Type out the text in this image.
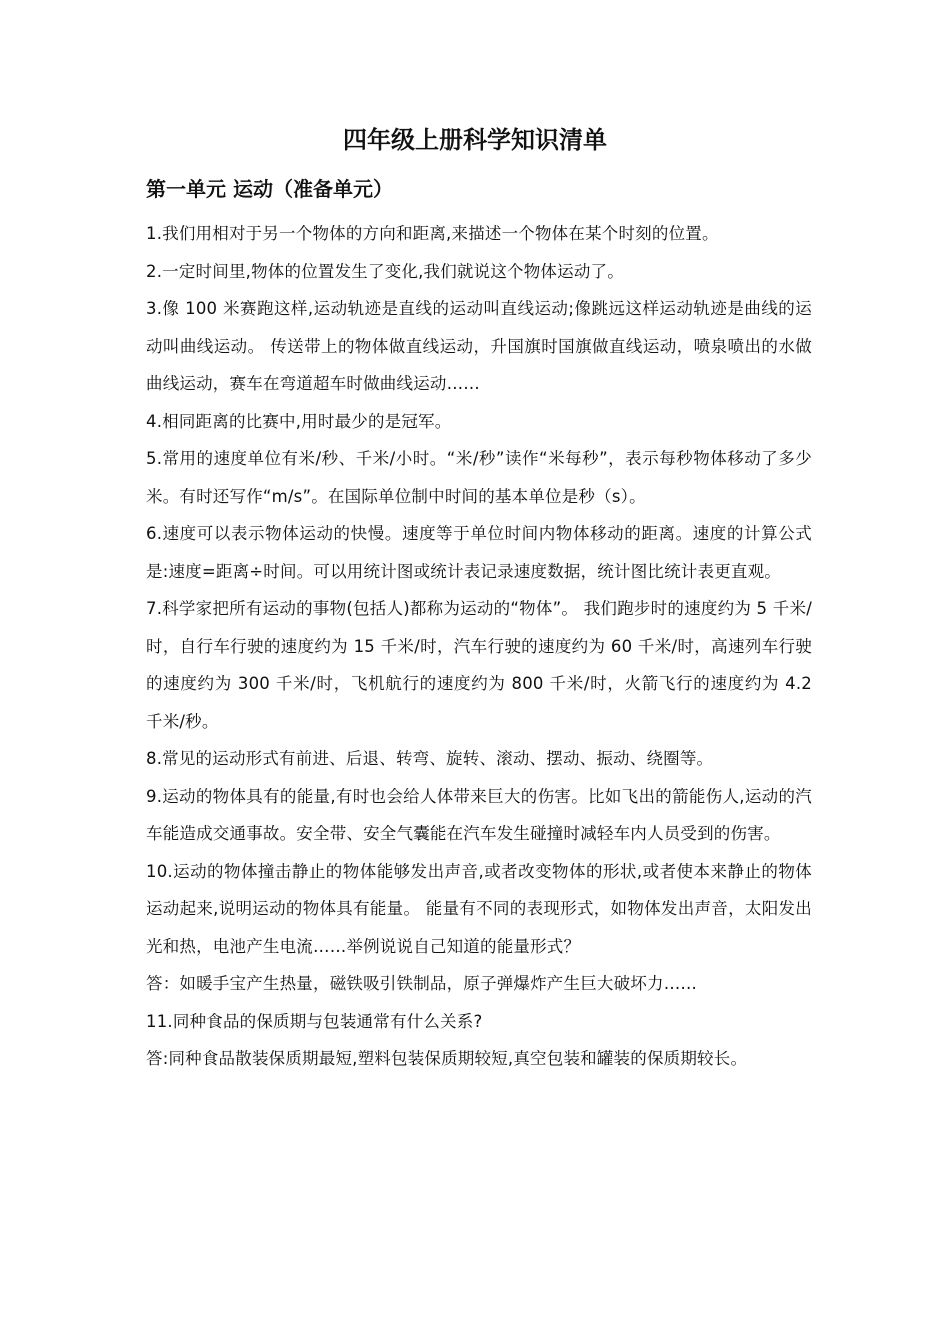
四年级上册科学知识清单
第一单元 运动（准备单元）

1.我们用相对于另一个物体的方向和距离,来描述一个物体在某个时刻的位置。

2.一定时间里,物体的位置发生了变化,我们就说这个物体运动了。

3.像 100 米赛跑这样,运动轨迹是直线的运动叫直线运动;像跳远这样运动轨迹是曲线的运动叫曲线运动。 传送带上的物体做直线运动，升国旗时国旗做直线运动，喷泉喷出的水做曲线运动，赛车在弯道超车时做曲线运动……

4.相同距离的比赛中,用时最少的是冠军。

5.常用的速度单位有米/秒、千米/小时。“米/秒”读作“米每秒”，表示每秒物体移动了多少米。有时还写作“m/s”。在国际单位制中时间的基本单位是秒（s）。

6.速度可以表示物体运动的快慢。速度等于单位时间内物体移动的距离。速度的计算公式是:速度=距离÷时间。可以用统计图或统计表记录速度数据，统计图比统计表更直观。

7.科学家把所有运动的事物(包括人)都称为运动的“物体”。 我们跑步时的速度约为 5 千米/时，自行车行驶的速度约为 15 千米/时，汽车行驶的速度约为 60 千米/时，高速列车行驶的速度约为 300 千米/时，飞机航行的速度约为 800 千米/时，火箭飞行的速度约为 4.2 千米/秒。

8.常见的运动形式有前进、后退、转弯、旋转、滚动、摆动、振动、绕圈等。

9.运动的物体具有的能量,有时也会给人体带来巨大的伤害。比如飞出的箭能伤人,运动的汽车能造成交通事故。安全带、安全气囊能在汽车发生碰撞时减轻车内人员受到的伤害。

10.运动的物体撞击静止的物体能够发出声音,或者改变物体的形状,或者使本来静止的物体运动起来,说明运动的物体具有能量。 能量有不同的表现形式，如物体发出声音，太阳发出光和热，电池产生电流……举例说说自己知道的能量形式？

答：如暖手宝产生热量，磁铁吸引铁制品，原子弹爆炸产生巨大破坏力……

11.同种食品的保质期与包装通常有什么关系?

答:同种食品散装保质期最短,塑料包装保质期较短,真空包装和罐装的保质期较长。
